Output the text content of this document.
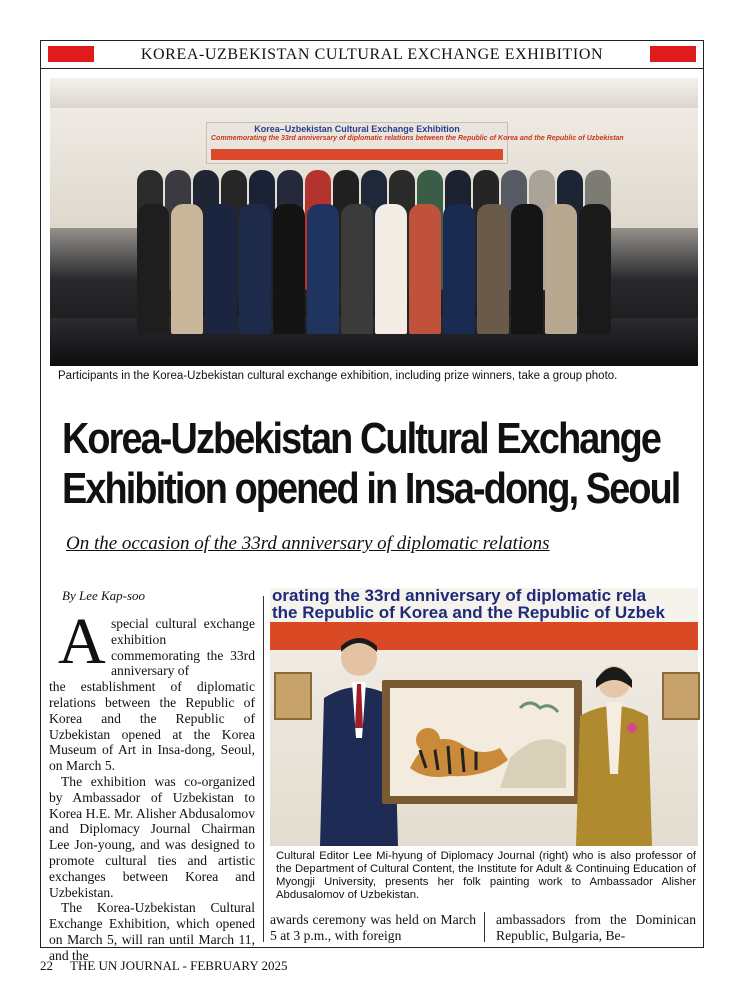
KOREA-UZBEKISTAN CULTURAL EXCHANGE EXHIBITION
Korea–Uzbekistan Cultural Exchange Exhibition
Commemorating the 33rd anniversary of diplomatic relations between the Republic of Korea and the Republic of Uzbekistan
Participants in the Korea-Uzbekistan cultural exchange exhibition, including prize winners, take a group photo.
Korea-Uzbekistan Cultural Exchange
Exhibition opened in Insa-dong, Seoul
On the occasion of the 33rd anniversary of diplomatic relations
By Lee Kap-soo
A special cultural exchange exhibition commemorating the 33rd anniversary of

the establishment of diplomatic relations between the Republic of Korea and the Republic of Uzbekistan opened at the Korea Museum of Art in Insa-dong, Seoul, on March 5.

The exhibition was co-organized by Ambassador of Uzbekistan to Korea H.E. Mr. Alisher Abdusalomov and Diplomacy Journal Chairman Lee Jon-young, and was designed to promote cultural ties and artistic exchanges between Korea and Uzbekistan.

The Korea-Uzbekistan Cultural Exchange Exhibition, which opened on March 5, will ran until March 11, and the

orating the 33rd anniversary of diplomatic rela
the Republic of Korea and the Republic of Uzbek
Cultural Editor Lee Mi-hyung of Diplomacy Journal (right) who is also professor of the Department of Cultural Content, the Institute for Adult & Continuing Education of Myongji University, presents her folk painting work to Ambassador Alisher Abdusalomov of Uzbekistan.
awards ceremony was held on March 5 at 3 p.m., with foreign
ambassadors from the Dominican Republic, Bulgaria, Be-
22 THE UN JOURNAL - FEBRUARY 2025
